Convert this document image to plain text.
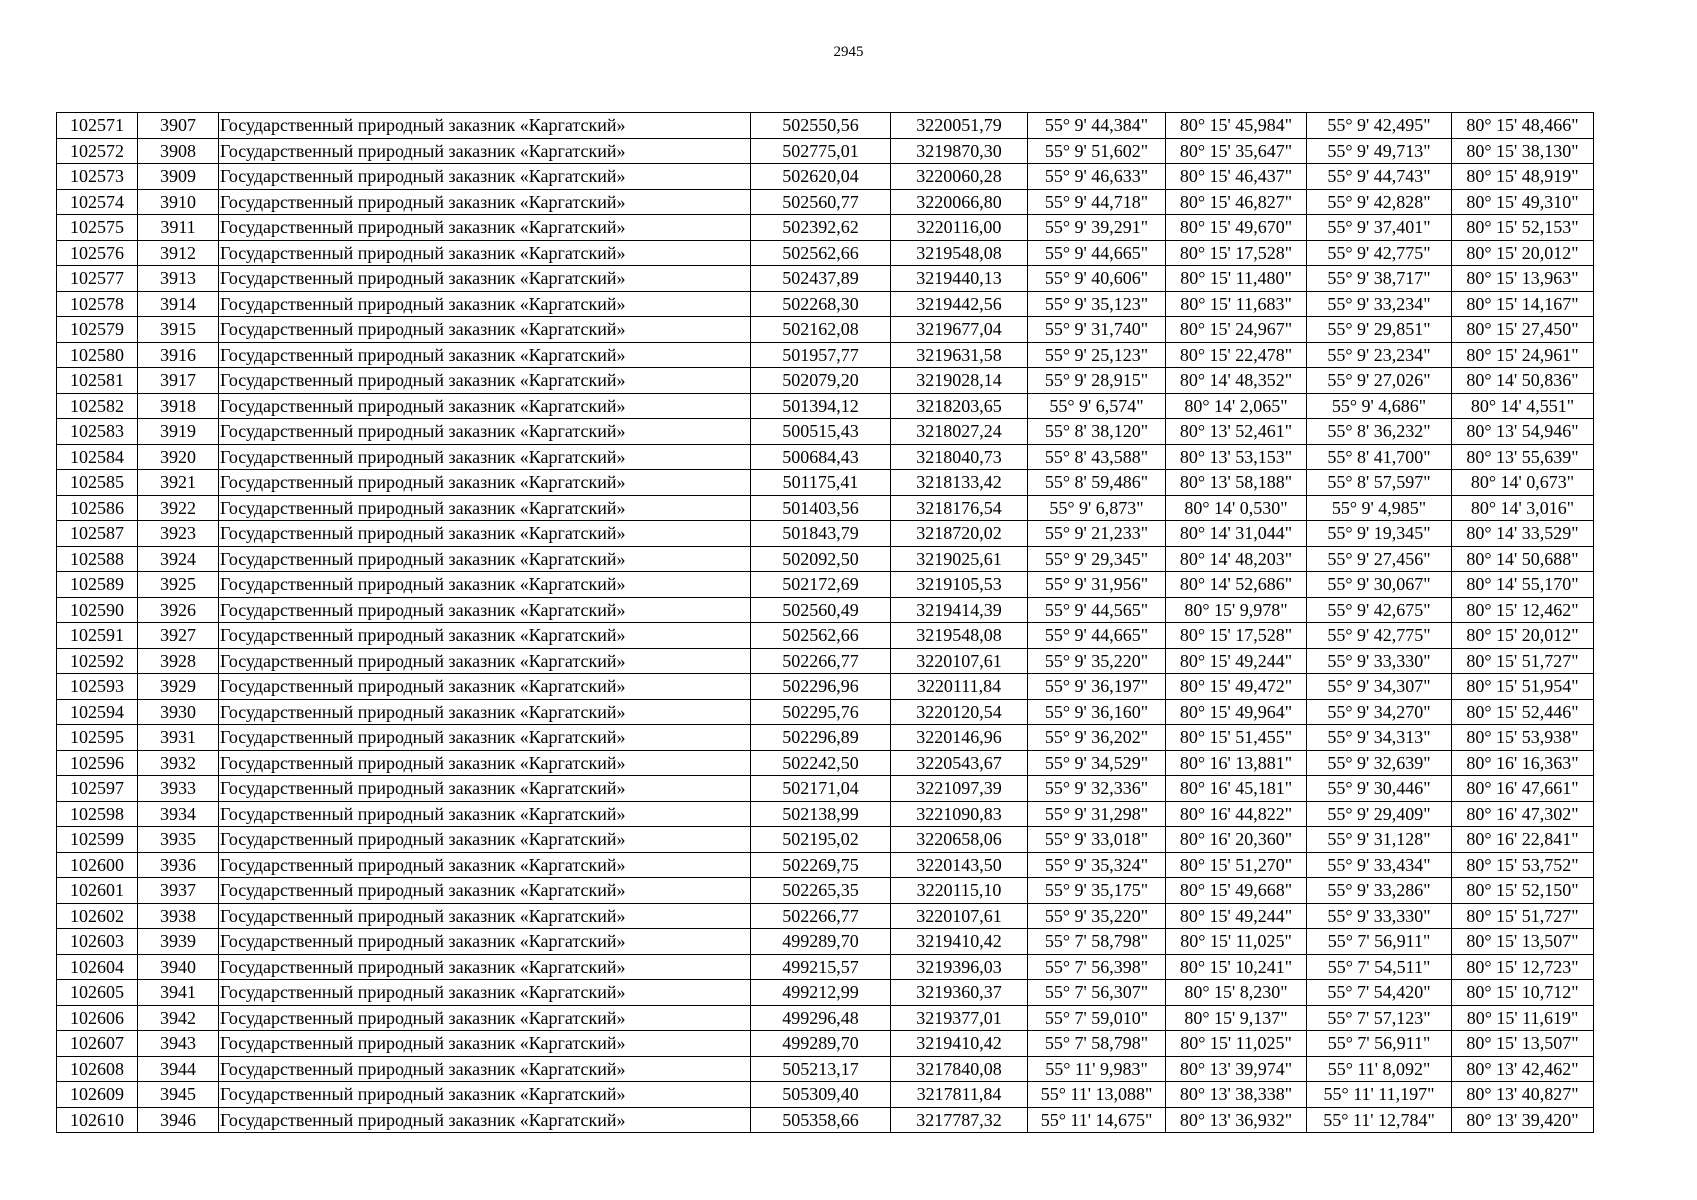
2945
102571	3907	Государственный природный заказник «Каргатский»	502550,56	3220051,79	55° 9' 44,384"	80° 15' 45,984"	55° 9' 42,495"	80° 15' 48,466"
102572	3908	Государственный природный заказник «Каргатский»	502775,01	3219870,30	55° 9' 51,602"	80° 15' 35,647"	55° 9' 49,713"	80° 15' 38,130"
102573	3909	Государственный природный заказник «Каргатский»	502620,04	3220060,28	55° 9' 46,633"	80° 15' 46,437"	55° 9' 44,743"	80° 15' 48,919"
102574	3910	Государственный природный заказник «Каргатский»	502560,77	3220066,80	55° 9' 44,718"	80° 15' 46,827"	55° 9' 42,828"	80° 15' 49,310"
102575	3911	Государственный природный заказник «Каргатский»	502392,62	3220116,00	55° 9' 39,291"	80° 15' 49,670"	55° 9' 37,401"	80° 15' 52,153"
102576	3912	Государственный природный заказник «Каргатский»	502562,66	3219548,08	55° 9' 44,665"	80° 15' 17,528"	55° 9' 42,775"	80° 15' 20,012"
102577	3913	Государственный природный заказник «Каргатский»	502437,89	3219440,13	55° 9' 40,606"	80° 15' 11,480"	55° 9' 38,717"	80° 15' 13,963"
102578	3914	Государственный природный заказник «Каргатский»	502268,30	3219442,56	55° 9' 35,123"	80° 15' 11,683"	55° 9' 33,234"	80° 15' 14,167"
102579	3915	Государственный природный заказник «Каргатский»	502162,08	3219677,04	55° 9' 31,740"	80° 15' 24,967"	55° 9' 29,851"	80° 15' 27,450"
102580	3916	Государственный природный заказник «Каргатский»	501957,77	3219631,58	55° 9' 25,123"	80° 15' 22,478"	55° 9' 23,234"	80° 15' 24,961"
102581	3917	Государственный природный заказник «Каргатский»	502079,20	3219028,14	55° 9' 28,915"	80° 14' 48,352"	55° 9' 27,026"	80° 14' 50,836"
102582	3918	Государственный природный заказник «Каргатский»	501394,12	3218203,65	55° 9' 6,574"	80° 14' 2,065"	55° 9' 4,686"	80° 14' 4,551"
102583	3919	Государственный природный заказник «Каргатский»	500515,43	3218027,24	55° 8' 38,120"	80° 13' 52,461"	55° 8' 36,232"	80° 13' 54,946"
102584	3920	Государственный природный заказник «Каргатский»	500684,43	3218040,73	55° 8' 43,588"	80° 13' 53,153"	55° 8' 41,700"	80° 13' 55,639"
102585	3921	Государственный природный заказник «Каргатский»	501175,41	3218133,42	55° 8' 59,486"	80° 13' 58,188"	55° 8' 57,597"	80° 14' 0,673"
102586	3922	Государственный природный заказник «Каргатский»	501403,56	3218176,54	55° 9' 6,873"	80° 14' 0,530"	55° 9' 4,985"	80° 14' 3,016"
102587	3923	Государственный природный заказник «Каргатский»	501843,79	3218720,02	55° 9' 21,233"	80° 14' 31,044"	55° 9' 19,345"	80° 14' 33,529"
102588	3924	Государственный природный заказник «Каргатский»	502092,50	3219025,61	55° 9' 29,345"	80° 14' 48,203"	55° 9' 27,456"	80° 14' 50,688"
102589	3925	Государственный природный заказник «Каргатский»	502172,69	3219105,53	55° 9' 31,956"	80° 14' 52,686"	55° 9' 30,067"	80° 14' 55,170"
102590	3926	Государственный природный заказник «Каргатский»	502560,49	3219414,39	55° 9' 44,565"	80° 15' 9,978"	55° 9' 42,675"	80° 15' 12,462"
102591	3927	Государственный природный заказник «Каргатский»	502562,66	3219548,08	55° 9' 44,665"	80° 15' 17,528"	55° 9' 42,775"	80° 15' 20,012"
102592	3928	Государственный природный заказник «Каргатский»	502266,77	3220107,61	55° 9' 35,220"	80° 15' 49,244"	55° 9' 33,330"	80° 15' 51,727"
102593	3929	Государственный природный заказник «Каргатский»	502296,96	3220111,84	55° 9' 36,197"	80° 15' 49,472"	55° 9' 34,307"	80° 15' 51,954"
102594	3930	Государственный природный заказник «Каргатский»	502295,76	3220120,54	55° 9' 36,160"	80° 15' 49,964"	55° 9' 34,270"	80° 15' 52,446"
102595	3931	Государственный природный заказник «Каргатский»	502296,89	3220146,96	55° 9' 36,202"	80° 15' 51,455"	55° 9' 34,313"	80° 15' 53,938"
102596	3932	Государственный природный заказник «Каргатский»	502242,50	3220543,67	55° 9' 34,529"	80° 16' 13,881"	55° 9' 32,639"	80° 16' 16,363"
102597	3933	Государственный природный заказник «Каргатский»	502171,04	3221097,39	55° 9' 32,336"	80° 16' 45,181"	55° 9' 30,446"	80° 16' 47,661"
102598	3934	Государственный природный заказник «Каргатский»	502138,99	3221090,83	55° 9' 31,298"	80° 16' 44,822"	55° 9' 29,409"	80° 16' 47,302"
102599	3935	Государственный природный заказник «Каргатский»	502195,02	3220658,06	55° 9' 33,018"	80° 16' 20,360"	55° 9' 31,128"	80° 16' 22,841"
102600	3936	Государственный природный заказник «Каргатский»	502269,75	3220143,50	55° 9' 35,324"	80° 15' 51,270"	55° 9' 33,434"	80° 15' 53,752"
102601	3937	Государственный природный заказник «Каргатский»	502265,35	3220115,10	55° 9' 35,175"	80° 15' 49,668"	55° 9' 33,286"	80° 15' 52,150"
102602	3938	Государственный природный заказник «Каргатский»	502266,77	3220107,61	55° 9' 35,220"	80° 15' 49,244"	55° 9' 33,330"	80° 15' 51,727"
102603	3939	Государственный природный заказник «Каргатский»	499289,70	3219410,42	55° 7' 58,798"	80° 15' 11,025"	55° 7' 56,911"	80° 15' 13,507"
102604	3940	Государственный природный заказник «Каргатский»	499215,57	3219396,03	55° 7' 56,398"	80° 15' 10,241"	55° 7' 54,511"	80° 15' 12,723"
102605	3941	Государственный природный заказник «Каргатский»	499212,99	3219360,37	55° 7' 56,307"	80° 15' 8,230"	55° 7' 54,420"	80° 15' 10,712"
102606	3942	Государственный природный заказник «Каргатский»	499296,48	3219377,01	55° 7' 59,010"	80° 15' 9,137"	55° 7' 57,123"	80° 15' 11,619"
102607	3943	Государственный природный заказник «Каргатский»	499289,70	3219410,42	55° 7' 58,798"	80° 15' 11,025"	55° 7' 56,911"	80° 15' 13,507"
102608	3944	Государственный природный заказник «Каргатский»	505213,17	3217840,08	55° 11' 9,983"	80° 13' 39,974"	55° 11' 8,092"	80° 13' 42,462"
102609	3945	Государственный природный заказник «Каргатский»	505309,40	3217811,84	55° 11' 13,088"	80° 13' 38,338"	55° 11' 11,197"	80° 13' 40,827"
102610	3946	Государственный природный заказник «Каргатский»	505358,66	3217787,32	55° 11' 14,675"	80° 13' 36,932"	55° 11' 12,784"	80° 13' 39,420"
